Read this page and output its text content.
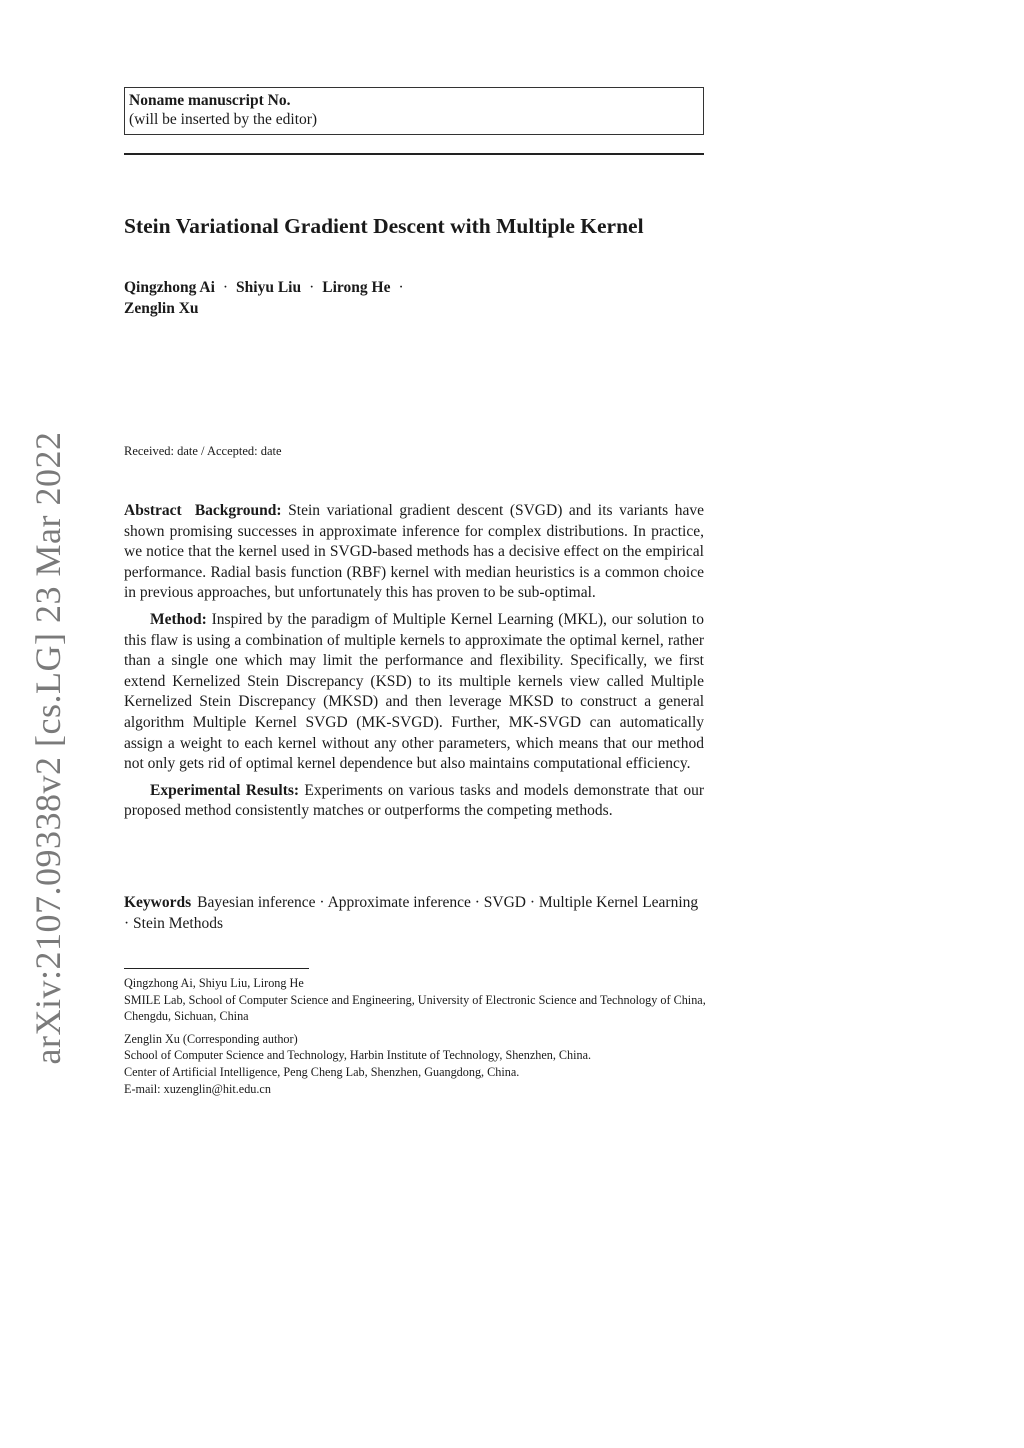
arXiv:2107.09338v2 [cs.LG] 23 Mar 2022
Noname manuscript No.
(will be inserted by the editor)
Stein Variational Gradient Descent with Multiple Kernel
Qingzhong Ai · Shiyu Liu · Lirong He ·
Zenglin Xu
Received: date / Accepted: date

Abstract Background: Stein variational gradient descent (SVGD) and its variants have shown promising successes in approximate inference for complex distributions. In practice, we notice that the kernel used in SVGD-based methods has a decisive effect on the empirical performance. Radial basis function (RBF) kernel with median heuristics is a common choice in previous approaches, but unfortunately this has proven to be sub-optimal.

Method: Inspired by the paradigm of Multiple Kernel Learning (MKL), our solution to this flaw is using a combination of multiple kernels to approximate the optimal kernel, rather than a single one which may limit the performance and flexibility. Specifically, we first extend Kernelized Stein Discrepancy (KSD) to its multiple kernels view called Multiple Kernelized Stein Discrepancy (MKSD) and then leverage MKSD to construct a general algorithm Multiple Kernel SVGD (MK-SVGD). Further, MK-SVGD can automatically assign a weight to each kernel without any other parameters, which means that our method not only gets rid of optimal kernel dependence but also maintains computational efficiency.

Experimental Results: Experiments on various tasks and models demonstrate that our proposed method consistently matches or outperforms the competing methods.

Keywords Bayesian inference · Approximate inference · SVGD · Multiple Kernel Learning · Stein Methods

Qingzhong Ai, Shiyu Liu, Lirong He

SMILE Lab, School of Computer Science and Engineering, University of Electronic Science and Technology of China, Chengdu, Sichuan, China

Zenglin Xu (Corresponding author)

School of Computer Science and Technology, Harbin Institute of Technology, Shenzhen, China.

Center of Artificial Intelligence, Peng Cheng Lab, Shenzhen, Guangdong, China.

E-mail: xuzenglin@hit.edu.cn
